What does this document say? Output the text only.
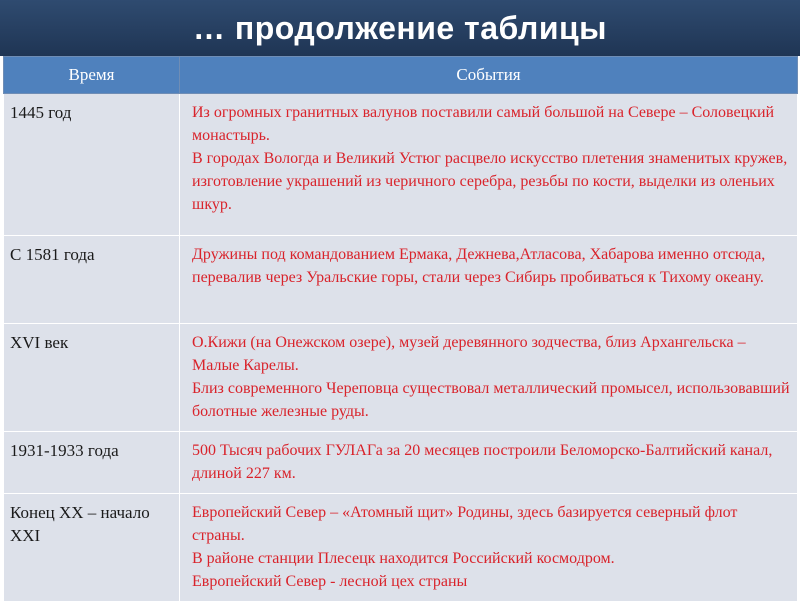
… продолжение таблицы
Время	События
1445 год	Из огромных гранитных валунов поставили самый большой на Севере – Соловецкий монастырь.
В городах Вологда и Великий Устюг расцвело искусство плетения знаменитых кружев, изготовление украшений из черичного серебра, резьбы по кости, выделки из оленьих шкур.

С 1581 года	Дружины под командованием Ермака, Дежнева,Атласова, Хабарова именно отсюда, перевалив через Уральские горы, стали через Сибирь пробиваться к Тихому океану.

XVI век	О.Кижи (на Онежском озере), музей деревянного зодчества, близ Архангельска – Малые Карелы.
Близ современного Череповца существовал металлический промысел, использовавший болотные железные руды.

1931-1933 года	500 Тысяч рабочих ГУЛАГа за 20 месяцев построили Беломорско-Балтийский канал, длиной 227 км.

Конец XX – начало XXI	Европейский Север – «Атомный щит» Родины, здесь базируется северный флот страны.
В районе станции Плесецк находится Российский космодром.
Европейский Север - лесной цех страны
